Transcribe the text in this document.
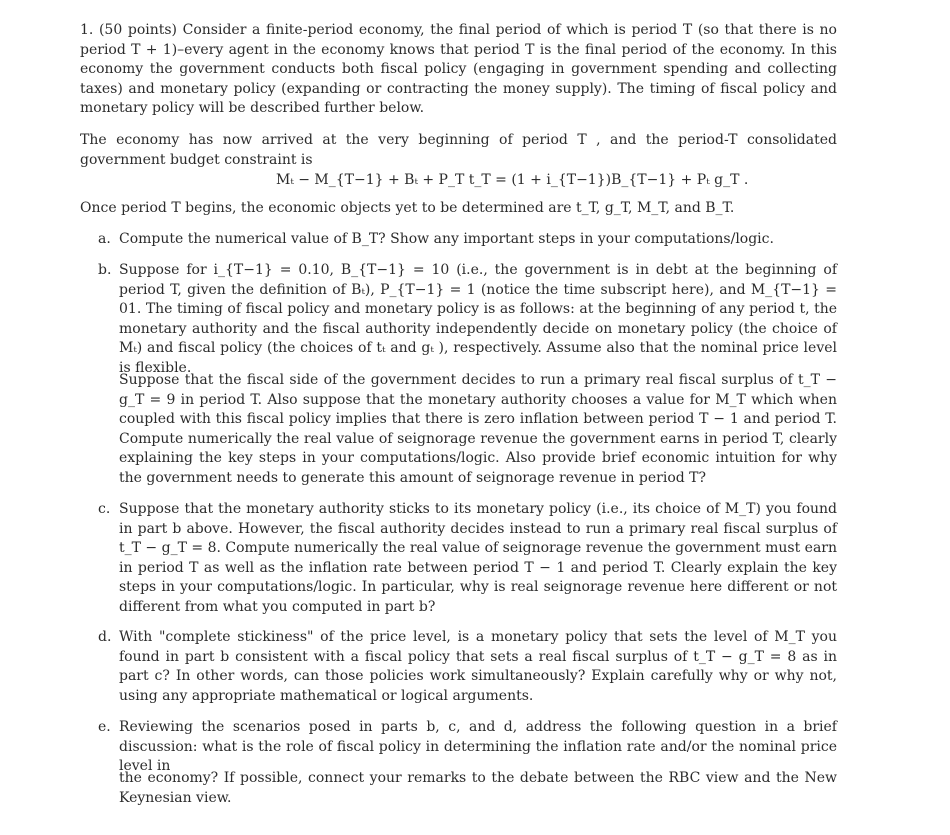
1. (50 points) Consider a finite-period economy, the final period of which is period T (so that there is no period T + 1)–every agent in the economy knows that period T is the final period of the economy. In this economy the government conducts both fiscal policy (engaging in government spending and collecting taxes) and monetary policy (expanding or contracting the money supply). The timing of fiscal policy and monetary policy will be described further below.

The economy has now arrived at the very beginning of period T , and the period-T consolidated government budget constraint is

Mₜ − M_{T−1} + Bₜ + P_T t_T = (1 + i_{T−1})B_{T−1} + Pₜ g_T .

Once period T begins, the economic objects yet to be determined are t_T, g_T, M_T, and B_T.

a. Compute the numerical value of B_T? Show any important steps in your computations/logic.
b. Suppose for i_{T−1} = 0.10, B_{T−1} = 10 (i.e., the government is in debt at the beginning of period T, given the definition of Bₜ), P_{T−1} = 1 (notice the time subscript here), and M_{T−1} = 01. The timing of fiscal policy and monetary policy is as follows: at the beginning of any period t, the monetary authority and the fiscal authority independently decide on monetary policy (the choice of Mₜ) and fiscal policy (the choices of tₜ and gₜ ), respectively. Assume also that the nominal price level is flexible.

Suppose that the fiscal side of the government decides to run a primary real fiscal surplus of t_T − g_T = 9 in period T. Also suppose that the monetary authority chooses a value for M_T which when coupled with this fiscal policy implies that there is zero inflation between period T − 1 and period T. Compute numerically the real value of seignorage revenue the government earns in period T, clearly explaining the key steps in your computations/logic. Also provide brief economic intuition for why the government needs to generate this amount of seignorage revenue in period T?

c. Suppose that the monetary authority sticks to its monetary policy (i.e., its choice of M_T) you found in part b above. However, the fiscal authority decides instead to run a primary real fiscal surplus of t_T − g_T = 8. Compute numerically the real value of seignorage revenue the government must earn in period T as well as the inflation rate between period T − 1 and period T. Clearly explain the key steps in your computations/logic. In particular, why is real seignorage revenue here different or not different from what you computed in part b?
d. With "complete stickiness" of the price level, is a monetary policy that sets the level of M_T you found in part b consistent with a fiscal policy that sets a real fiscal surplus of t_T − g_T = 8 as in part c? In other words, can those policies work simultaneously? Explain carefully why or why not, using any appropriate mathematical or logical arguments.
e. Reviewing the scenarios posed in parts b, c, and d, address the following question in a brief discussion: what is the role of fiscal policy in determining the inflation rate and/or the nominal price level in

the economy? If possible, connect your remarks to the debate between the RBC view and the New Keynesian view.
